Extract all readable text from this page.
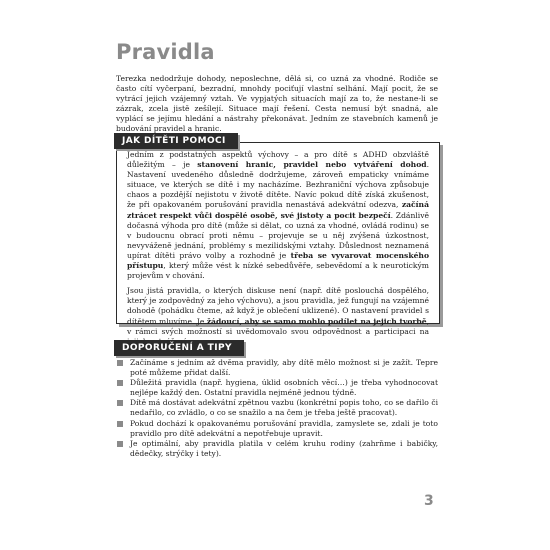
Pravidla

Terezka nedodržuje dohody, neposlechne, dělá si, co uzná za vhodné. Rodiče se často cítí vyčerpaní, bezradní, mnohdy pociťují vlastní selhání. Mají pocit, že se vytrácí jejich vzájemný vztah. Ve vypjatých situacích mají za to, že nestane-li se zázrak, zcela jistě zešílejí. Situace mají řešení. Cesta nemusí být snadná, ale vyplácí se jejímu hledání a nástrahy překonávat. Jedním ze stavebních kamenů je budování pravidel a hranic.

JAK DÍTĚTI POMOCI

Jedním z podstatných aspektů výchovy – a pro dítě s ADHD obzvláště důležitým – je stanovení hranic, pravidel nebo vytváření dohod. Nastavení uvedeného důsledně dodržujeme, zároveň empaticky vnímáme situace, ve kterých se dítě i my nacházíme. Bezhraniční výchova způsobuje chaos a pozdější nejistotu v životě dítěte. Navíc pokud dítě získá zkušenost, že při opakovaném porušování pravidla nenastává adekvátní odezva, začíná ztrácet respekt vůči dospělé osobě, své jistoty a pocit bezpečí. Zdánlivě dočasná výhoda pro dítě (může si dělat, co uzná za vhodné, ovládá rodinu) se v budoucnu obrací proti němu – projevuje se u něj zvýšená úzkostnost, nevyváženě jednání, problémy s mezilidskými vztahy. Důslednost neznamená upírat dítěti právo volby a rozhodně je třeba se vyvarovat mocenského přístupu, který může vést k nízké sebedůvěře, sebevědomí a k neurotickým projevům v chování.

Jsou jistá pravidla, o kterých diskuse není (např. dítě poslouchá dospělého, který je zodpovědný za jeho výchovu), a jsou pravidla, jež fungují na vzájemné dohodě (pohádku čteme, až když je oblečení uklizené). O nastavení pravidel s dítětem mluvíme. Je žádoucí, aby se samo mohlo podílet na jejich tvorbě, v rámci svých možností si uvědomovalo svou odpovědnost a participaci na

DOPORUČENÍ A TIPY
Začínáme s jedním až dvěma pravidly, aby dítě mělo možnost si je zažít. Tepre poté můžeme přidat další.
Důležitá pravidla (např. hygiena, úklid osobních věcí…) je třeba vyhodnocovat nejlépe každý den. Ostatní pravidla nejméně jednou týdně.
Dítě má dostávat adekvátní zpětnou vazbu (konkrétní popis toho, co se dařilo či nedařilo, co zvládlo, o co se snažilo a na čem je třeba ještě pracovat).
Pokud dochází k opakovanému porušování pravidla, zamyslete se, zdali je toto pravidlo pro dítě adekvátní a nepotřebuje upravit.
Je optimální, aby pravidla platila v celém kruhu rodiny (zahrňme i babičky, dědečky, strýčky i tety).
3
